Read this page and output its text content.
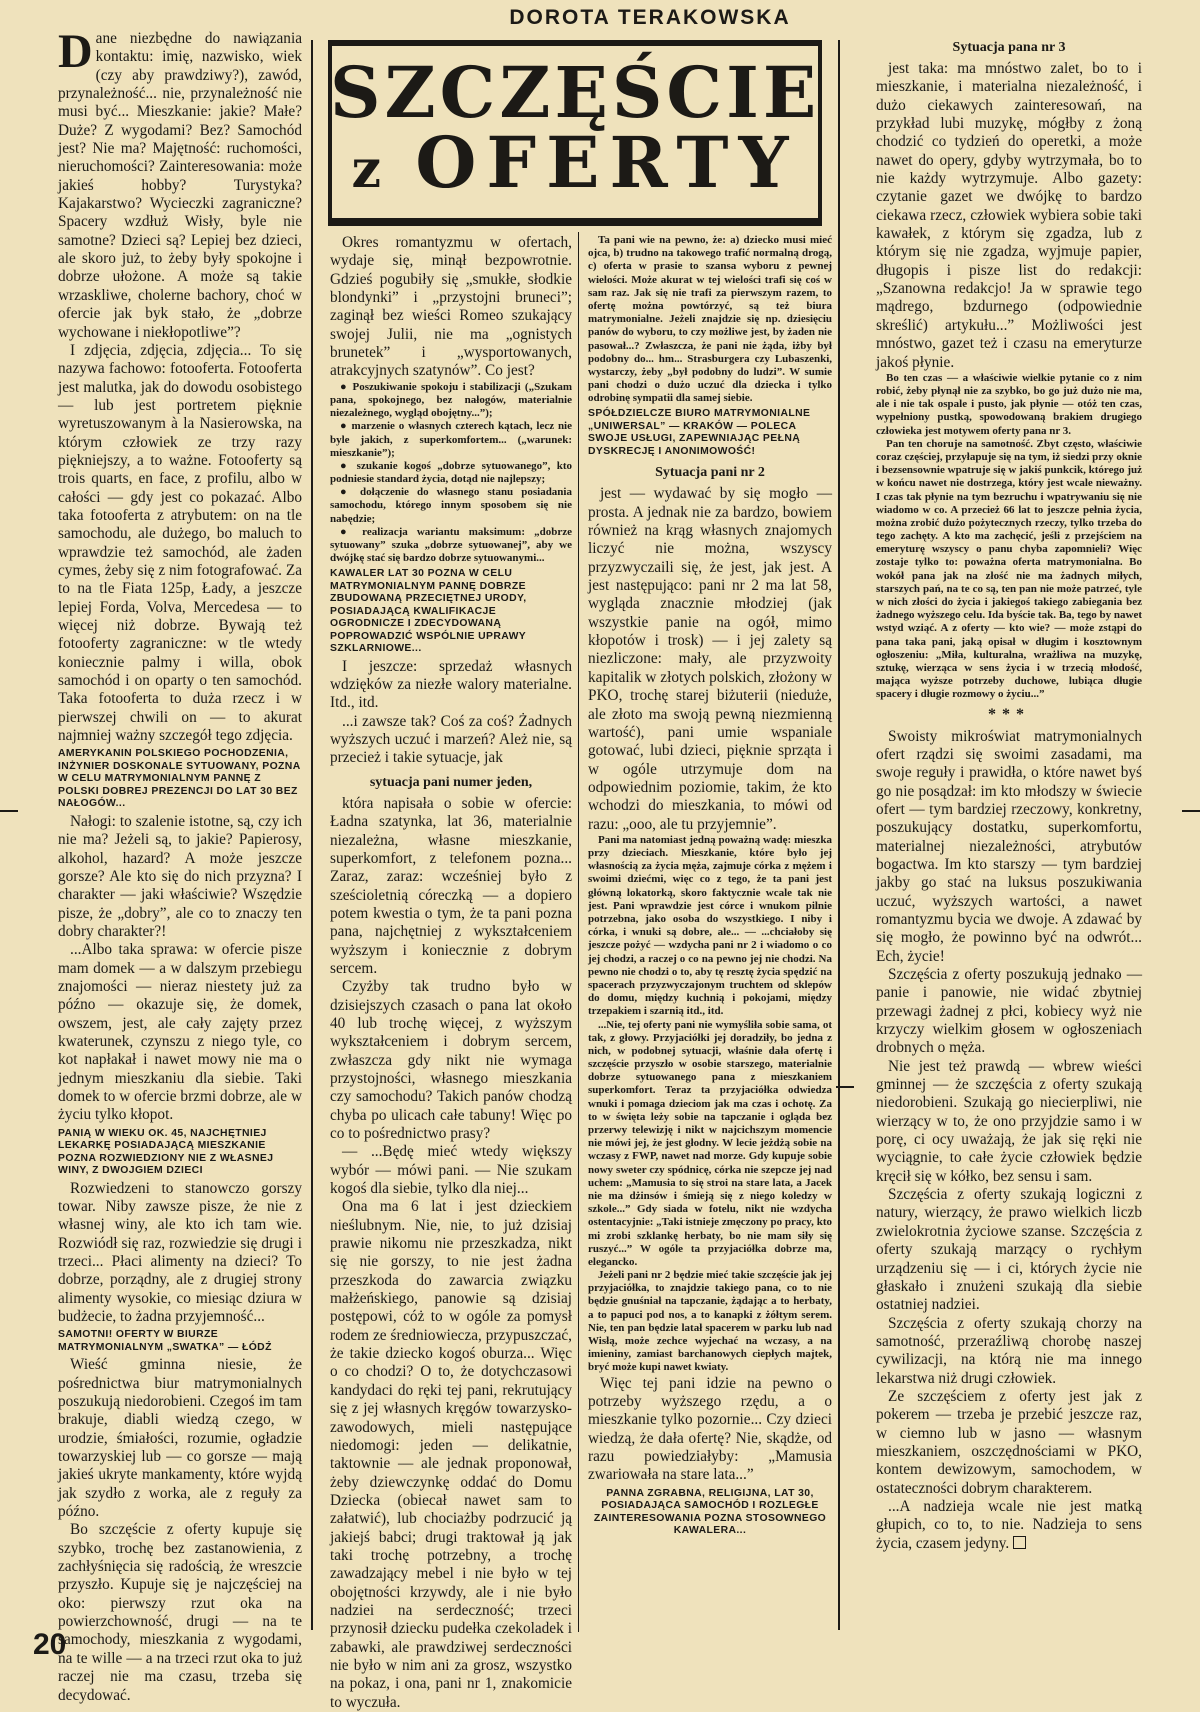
DOROTA TERAKOWSKA
SZCZĘŚCIE
z OFERTY

Dane niezbędne do nawiązania kontaktu: imię, nazwisko, wiek (czy aby prawdziwy?), zawód, przynależność... nie, przynależność nie musi być... Mieszkanie: jakie? Małe? Duże? Z wygodami? Bez? Samochód jest? Nie ma? Majętność: ruchomości, nieruchomości? Zainteresowania: może jakieś hobby? Turystyka? Kajakarstwo? Wycieczki zagraniczne? Spacery wzdłuż Wisły, byle nie samotne? Dzieci są? Lepiej bez dzieci, ale skoro już, to żeby były spokojne i dobrze ułożone. A może są takie wrzaskliwe, cholerne bachory, choć w ofercie jak byk stało, że „dobrze wychowane i niekłopotliwe”?

I zdjęcia, zdjęcia, zdjęcia... To się nazywa fachowo: fotooferta. Fotooferta jest malutka, jak do dowodu osobistego — lub jest portretem pięknie wyretuszowanym à la Nasierowska, na którym człowiek ze trzy razy piękniejszy, a to ważne. Fotooferty są trois quarts, en face, z profilu, albo w całości — gdy jest co pokazać. Albo taka fotooferta z atrybutem: on na tle samochodu, ale dużego, bo maluch to wprawdzie też samochód, ale żaden cymes, żeby się z nim fotografować. Za to na tle Fiata 125p, Łady, a jeszcze lepiej Forda, Volva, Mercedesa — to więcej niż dobrze. Bywają też fotooferty zagraniczne: w tle wtedy koniecznie palmy i willa, obok samochód i on oparty o ten samochód. Taka fotooferta to duża rzecz i w pierwszej chwili on — to akurat najmniej ważny szczegół tego zdjęcia.

AMERYKANIN POLSKIEGO POCHODZENIA, INŻYNIER DOSKONALE SYTUOWANY, POZNA W CELU MATRYMONIALNYM PANNĘ Z POLSKI DOBREJ PREZENCJI DO LAT 30 BEZ NAŁOGÓW...

Nałogi: to szalenie istotne, są, czy ich nie ma? Jeżeli są, to jakie? Papierosy, alkohol, hazard? A może jeszcze gorsze? Ale kto się do nich przyzna? I charakter — jaki właściwie? Wszędzie pisze, że „dobry”, ale co to znaczy ten dobry charakter?!

...Albo taka sprawa: w ofercie pisze mam domek — a w dalszym przebiegu znajomości — nieraz niestety już za późno — okazuje się, że domek, owszem, jest, ale cały zajęty przez kwaterunek, czynszu z niego tyle, co kot napłakał i nawet mowy nie ma o jednym mieszkaniu dla siebie. Taki domek to w ofercie brzmi dobrze, ale w życiu tylko kłopot.

PANIĄ W WIEKU OK. 45, NAJCHĘTNIEJ LEKARKĘ POSIADAJĄCĄ MIESZKANIE POZNA ROZWIEDZIONY NIE Z WŁASNEJ WINY, Z DWOJGIEM DZIECI

Rozwiedzeni to stanowczo gorszy towar. Niby zawsze pisze, że nie z własnej winy, ale kto ich tam wie. Rozwiódł się raz, rozwiedzie się drugi i trzeci... Płaci alimenty na dzieci? To dobrze, porządny, ale z drugiej strony alimenty wysokie, co miesiąc dziura w budżecie, to żadna przyjemność...

SAMOTNI! OFERTY W BIURZE MATRYMONIALNYM „SWATKA” — ŁÓDŹ

Wieść gminna niesie, że pośrednictwa biur matrymonialnych poszukują niedorobieni. Czegoś im tam brakuje, diabli wiedzą czego, w urodzie, śmiałości, rozumie, ogładzie towarzyskiej lub — co gorsze — mają jakieś ukryte mankamenty, które wyjdą jak szydło z worka, ale z reguły za późno.

Bo szczęście z oferty kupuje się szybko, trochę bez zastanowienia, z zachłyśnięcia się radością, że wreszcie przyszło. Kupuje się je najczęściej na oko: pierwszy rzut oka na powierzchowność, drugi — na te samochody, mieszkania z wygodami, na te wille — a na trzeci rzut oka to już raczej nie ma czasu, trzeba się decydować.

Okres romantyzmu w ofertach, wydaje się, minął bezpowrotnie. Gdzieś pogubiły się „smukłe, słodkie blondynki” i „przystojni bruneci”; zaginął bez wieści Romeo szukający swojej Julii, nie ma „ognistych brunetek” i „wysportowanych, atrakcyjnych szatynów”. Co jest?

● Poszukiwanie spokoju i stabilizacji („Szukam pana, spokojnego, bez nałogów, materialnie niezależnego, wygląd obojętny...”);

● marzenie o własnych czterech kątach, lecz nie byle jakich, z superkomfortem... („warunek: mieszkanie”);

● szukanie kogoś „dobrze sytuowanego”, kto podniesie standard życia, dotąd nie najlepszy;

● dołączenie do własnego stanu posiadania samochodu, którego innym sposobem się nie nabędzie;

● realizacja wariantu maksimum: „dobrze sytuowany” szuka „dobrze sytuowanej”, aby we dwójkę stać się bardzo dobrze sytuowanymi...

KAWALER LAT 30 POZNA W CELU MATRYMONIALNYM PANNĘ DOBRZE ZBUDOWANĄ PRZECIĘTNEJ URODY, POSIADAJĄCĄ KWALIFIKACJE OGRODNICZE I ZDECYDOWANĄ POPROWADZIĆ WSPÓLNIE UPRAWY SZKLARNIOWE...

I jeszcze: sprzedaż własnych wdzięków za niezłe walory materialne. Itd., itd.

...i zawsze tak? Coś za coś? Żadnych wyższych uczuć i marzeń? Ależ nie, są przecież i takie sytuacje, jak

sytuacja pani numer jeden,

która napisała o sobie w ofercie: Ładna szatynka, lat 36, materialnie niezależna, własne mieszkanie, superkomfort, z telefonem pozna... Zaraz, zaraz: wcześniej było z sześcioletnią córeczką — a dopiero potem kwestia o tym, że ta pani pozna pana, najchętniej z wykształceniem wyższym i koniecznie z dobrym sercem.

Czyżby tak trudno było w dzisiejszych czasach o pana lat około 40 lub trochę więcej, z wyższym wykształceniem i dobrym sercem, zwłaszcza gdy nikt nie wymaga przystojności, własnego mieszkania czy samochodu? Takich panów chodzą chyba po ulicach całe tabuny! Więc po co to pośrednictwo prasy?

— ...Będę mieć wtedy większy wybór — mówi pani. — Nie szukam kogoś dla siebie, tylko dla niej...

Ona ma 6 lat i jest dzieckiem nieślubnym. Nie, nie, to już dzisiaj prawie nikomu nie przeszkadza, nikt się nie gorszy, to nie jest żadna przeszkoda do zawarcia związku małżeńskiego, panowie są dzisiaj postępowi, cóż to w ogóle za pomysł rodem ze średniowiecza, przypuszczać, że takie dziecko kogoś oburza... Więc o co chodzi? O to, że dotychczasowi kandydaci do ręki tej pani, rekrutujący się z jej własnych kręgów towarzysko-zawodowych, mieli następujące niedomogi: jeden — delikatnie, taktownie — ale jednak proponował, żeby dziewczynkę oddać do Domu Dziecka (obiecał nawet sam to załatwić), lub chociażby podrzucić ją jakiejś babci; drugi traktował ją jak taki trochę potrzebny, a trochę zawadzający mebel i nie było w tej obojętności krzywdy, ale i nie było nadziei na serdeczność; trzeci przynosił dziecku pudełka czekoladek i zabawki, ale prawdziwej serdeczności nie było w nim ani za grosz, wszystko na pokaz, i ona, pani nr 1, znakomicie to wyczuła.

Ta pani wie na pewno, że: a) dziecko musi mieć ojca, b) trudno na takowego trafić normalną drogą, c) oferta w prasie to szansa wyboru z pewnej wielości. Może akurat w tej wielości trafi się coś w sam raz. Jak się nie trafi za pierwszym razem, to ofertę można powtórzyć, są też biura matrymonialne. Jeżeli znajdzie się np. dziesięciu panów do wyboru, to czy możliwe jest, by żaden nie pasował...? Zwłaszcza, że pani nie żąda, iżby był podobny do... hm... Strasburgera czy Lubaszenki, wystarczy, żeby „był podobny do ludzi”. W sumie pani chodzi o dużo uczuć dla dziecka i tylko odrobinę sympatii dla samej siebie.

SPÓŁDZIELCZE BIURO MATRYMONIALNE „UNIWERSAL” — KRAKÓW — POLECA SWOJE USŁUGI, ZAPEWNIAJĄC PEŁNĄ DYSKRECJĘ I ANONIMOWOŚĆ!

Sytuacja pani nr 2

jest — wydawać by się mogło — prosta. A jednak nie za bardzo, bowiem również na krąg własnych znajomych liczyć nie można, wszyscy przyzwyczaili się, że jest, jak jest. A jest następująco: pani nr 2 ma lat 58, wygląda znacznie młodziej (jak wszystkie panie na ogół, mimo kłopotów i trosk) — i jej zalety są niezliczone: mały, ale przyzwoity kapitalik w złotych polskich, złożony w PKO, trochę starej biżuterii (nieduże, ale złoto ma swoją pewną niezmienną wartość), pani umie wspaniale gotować, lubi dzieci, pięknie sprząta i w ogóle utrzymuje dom na odpowiednim poziomie, takim, że kto wchodzi do mieszkania, to mówi od razu: „ooo, ale tu przyjemnie”.

Pani ma natomiast jedną poważną wadę: mieszka przy dzieciach. Mieszkanie, które było jej własnością za życia męża, zajmuje córka z mężem i swoimi dziećmi, więc co z tego, że ta pani jest główną lokatorką, skoro faktycznie wcale tak nie jest. Pani wprawdzie jest córce i wnukom pilnie potrzebna, jako osoba do wszystkiego. I niby i córka, i wnuki są dobre, ale... — ...chciałoby się jeszcze pożyć — wzdycha pani nr 2 i wiadomo o co jej chodzi, a raczej o co na pewno jej nie chodzi. Na pewno nie chodzi o to, aby tę resztę życia spędzić na spacerach przyzwyczajonym truchtem od sklepów do domu, między kuchnią i pokojami, między trzepakiem i szarnią itd., itd.

...Nie, tej oferty pani nie wymyśliła sobie sama, ot tak, z głowy. Przyjaciółki jej doradziły, bo jedna z nich, w podobnej sytuacji, właśnie dała ofertę i szczęście przyszło w osobie starszego, materialnie dobrze sytuowanego pana z mieszkaniem superkomfort. Teraz ta przyjaciółka odwiedza wnuki i pomaga dzieciom jak ma czas i ochotę. Za to w święta leży sobie na tapczanie i ogląda bez przerwy telewizję i nikt w najcichszym momencie nie mówi jej, że jest głodny. W lecie jeżdżą sobie na wczasy z FWP, nawet nad morze. Gdy kupuje sobie nowy sweter czy spódnicę, córka nie szepcze jej nad uchem: „Mamusia to się stroi na stare lata, a Jacek nie ma dżinsów i śmieją się z niego koledzy w szkole...” Gdy siada w fotelu, nikt nie wzdycha ostentacyjnie: „Taki istnieje zmęczony po pracy, kto mi zrobi szklankę herbaty, bo nie mam siły się ruszyć...” W ogóle ta przyjaciółka dobrze ma, elegancko.

Jeżeli pani nr 2 będzie mieć takie szczęście jak jej przyjaciółka, to znajdzie takiego pana, co to nie będzie gnuśniał na tapczanie, żądając a to herbaty, a to papuci pod nos, a to kanapki z żółtym serem. Nie, ten pan będzie latał spacerem w parku lub nad Wisłą, może zechce wyjechać na wczasy, a na imieniny, zamiast barchanowych ciepłych majtek, bryć może kupi nawet kwiaty.

Więc tej pani idzie na pewno o potrzeby wyższego rzędu, a o mieszkanie tylko pozornie... Czy dzieci wiedzą, że dała ofertę? Nie, skądże, od razu powiedziałyby: „Mamusia zwariowała na stare lata...”

PANNA ZGRABNA, RELIGIJNA, LAT 30, POSIADAJĄCA SAMOCHÓD I ROZLEGŁE ZAINTERESOWANIA POZNA STOSOWNEGO KAWALERA...

Sytuacja pana nr 3

jest taka: ma mnóstwo zalet, bo to i mieszkanie, i materialna niezależność, i dużo ciekawych zainteresowań, na przykład lubi muzykę, mógłby z żoną chodzić co tydzień do operetki, a może nawet do opery, gdyby wytrzymała, bo to nie każdy wytrzymuje. Albo gazety: czytanie gazet we dwójkę to bardzo ciekawa rzecz, człowiek wybiera sobie taki kawałek, z którym się zgadza, lub z którym się nie zgadza, wyjmuje papier, długopis i pisze list do redakcji: „Szanowna redakcjo! Ja w sprawie tego mądrego, bzdurnego (odpowiednie skreślić) artykułu...” Możliwości jest mnóstwo, gazet też i czasu na emeryturze jakoś płynie.

Bo ten czas — a właściwie wielkie pytanie co z nim robić, żeby płynął nie za szybko, bo go już dużo nie ma, ale i nie tak ospale i pusto, jak płynie — otóż ten czas, wypełniony pustką, spowodowaną brakiem drugiego człowieka jest motywem oferty pana nr 3.

Pan ten choruje na samotność. Zbyt często, właściwie coraz częściej, przyłapuje się na tym, iż siedzi przy oknie i bezsensownie wpatruje się w jakiś punkcik, którego już w końcu nawet nie dostrzega, który jest wcale nieważny. I czas tak płynie na tym bezruchu i wpatrywaniu się nie wiadomo w co. A przecież 66 lat to jeszcze pełnia życia, można zrobić dużo pożytecznych rzeczy, tylko trzeba do tego zachęty. A kto ma zachęcić, jeśli z przejściem na emeryturę wszyscy o panu chyba zapomnieli? Więc zostaje tylko to: poważna oferta matrymonialna. Bo wokół pana jak na złość nie ma żadnych miłych, starszych pań, na te co są, ten pan nie może patrzeć, tyle w nich złości do życia i jakiegoś takiego zabiegania bez żadnego wyższego celu. Ida byście tak. Ba, tego by nawet wstyd wziąć. A z oferty — kto wie? — może zstąpi do pana taka pani, jaką opisał w długim i kosztownym ogłoszeniu: „Miła, kulturalna, wrażliwa na muzykę, sztukę, wierząca w sens życia i w trzecią młodość, mająca wyższe potrzeby duchowe, lubiąca długie spacery i długie rozmowy o życiu...”

***

Swoisty mikroświat matrymonialnych ofert rządzi się swoimi zasadami, ma swoje reguły i prawidła, o które nawet byś go nie posądzał: im kto młodszy w świecie ofert — tym bardziej rzeczowy, konkretny, poszukujący dostatku, superkomfortu, materialnej niezależności, atrybutów bogactwa. Im kto starszy — tym bardziej jakby go stać na luksus poszukiwania uczuć, wyższych wartości, a nawet romantyzmu bycia we dwoje. A zdawać by się mogło, że powinno być na odwrót... Ech, życie!

Szczęścia z oferty poszukują jednako — panie i panowie, nie widać zbytniej przewagi żadnej z płci, kobiecy wyż nie krzyczy wielkim głosem w ogłoszeniach drobnych o męża.

Nie jest też prawdą — wbrew wieści gminnej — że szczęścia z oferty szukają niedorobieni. Szukają go niecierpliwi, nie wierzący w to, że ono przyjdzie samo i w porę, ci ocy uważają, że jak się ręki nie wyciągnie, to całe życie człowiek będzie kręcił się w kółko, bez sensu i sam.

Szczęścia z oferty szukają logiczni z natury, wierzący, że prawo wielkich liczb zwielokrotnia życiowe szanse. Szczęścia z oferty szukają marzący o rychłym urządzeniu się — i ci, których życie nie głaskało i znużeni szukają dla siebie ostatniej nadziei.

Szczęścia z oferty szukają chorzy na samotność, przeraźliwą chorobę naszej cywilizacji, na którą nie ma innego lekarstwa niż drugi człowiek.

Ze szczęściem z oferty jest jak z pokerem — trzeba je przebić jeszcze raz, w ciemno lub w jasno — własnym mieszkaniem, oszczędnościami w PKO, kontem dewizowym, samochodem, w ostateczności dobrym charakterem.

...A nadzieja wcale nie jest matką głupich, co to, to nie. Nadzieja to sens życia, czasem jedyny.

20
